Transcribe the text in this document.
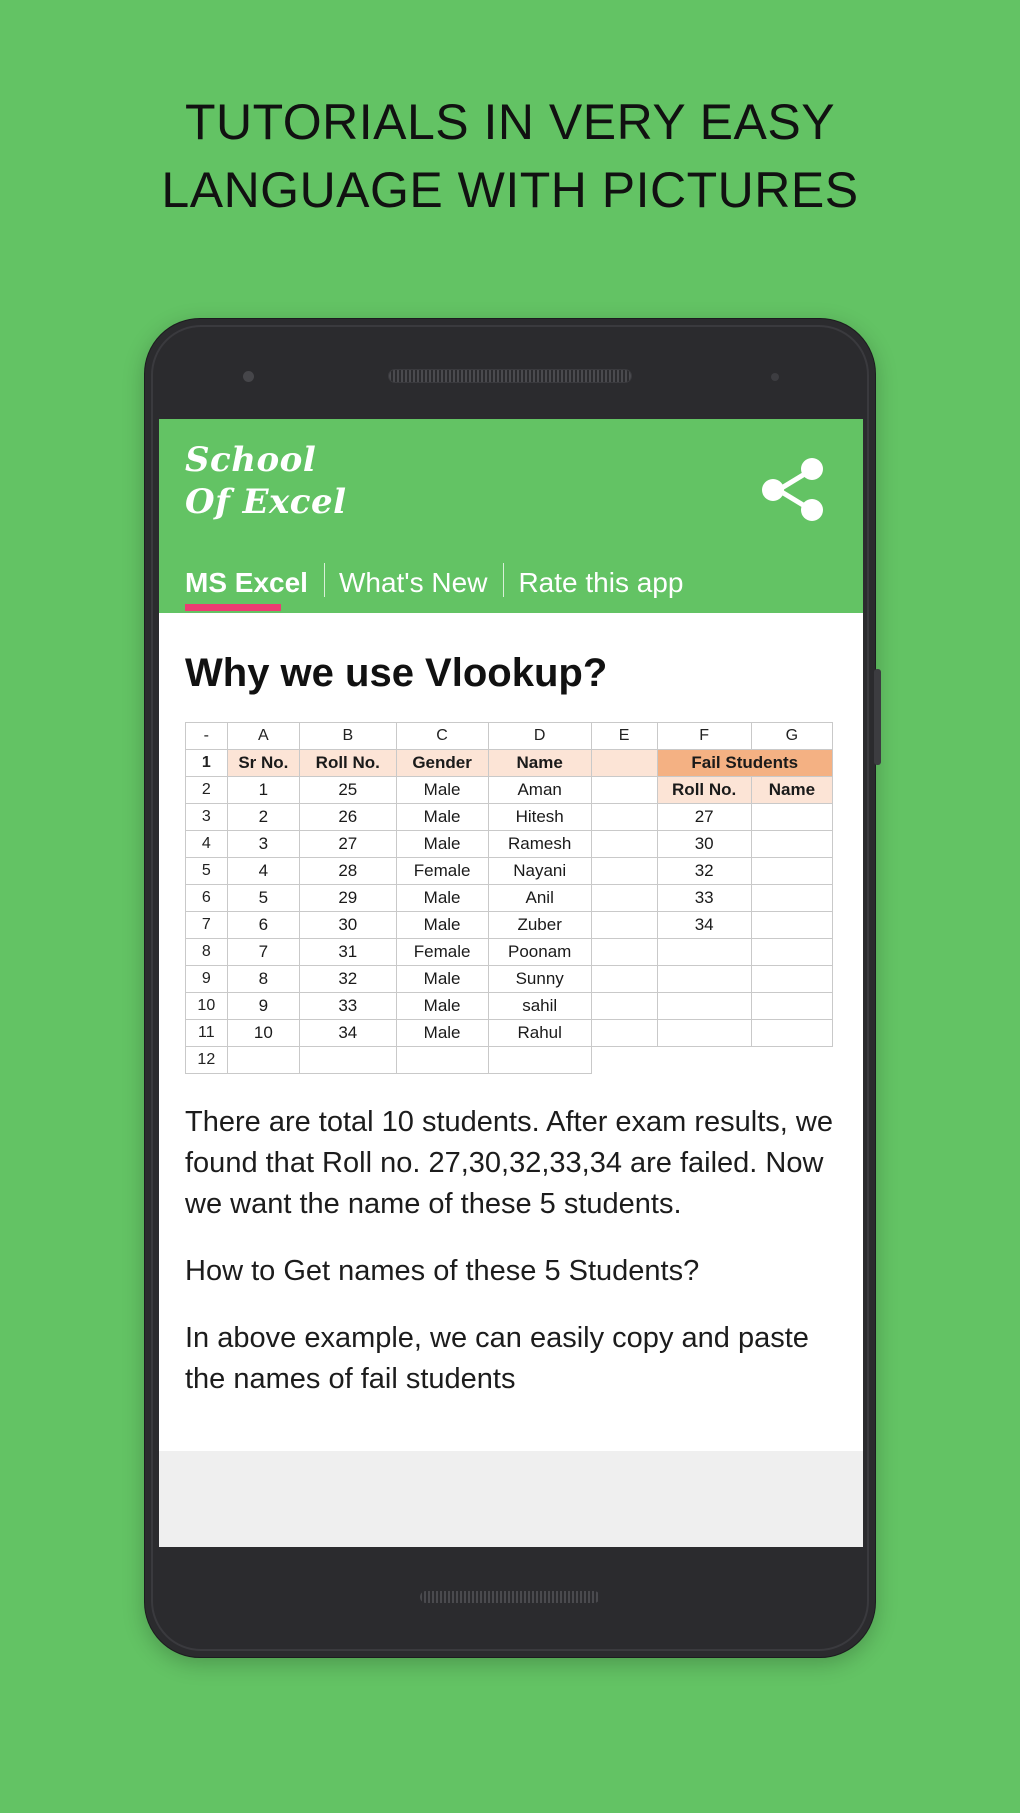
TUTORIALS IN VERY EASY
LANGUAGE WITH PICTURES
School
Of Excel
MS Excel	What's New	Rate this app
Why we use Vlookup?
-	A	B	C	D	E	F	G
1	Sr No.	Roll No.	Gender	Name		Fail Students	
2	1	25	Male	Aman		Roll No.	Name
3	2	26	Male	Hitesh		27	
4	3	27	Male	Ramesh		30	
5	4	28	Female	Nayani		32	
6	5	29	Male	Anil		33	
7	6	30	Male	Zuber		34	
8	7	31	Female	Poonam			
9	8	32	Male	Sunny			
10	9	33	Male	sahil			
11	10	34	Male	Rahul			
12							

There are total 10 students. After exam results, we found that Roll no. 27,30,32,33,34 are failed. Now we want the name of these 5 students.

How to Get names of these 5 Students?

In above example, we can easily copy and paste the names of fail students
